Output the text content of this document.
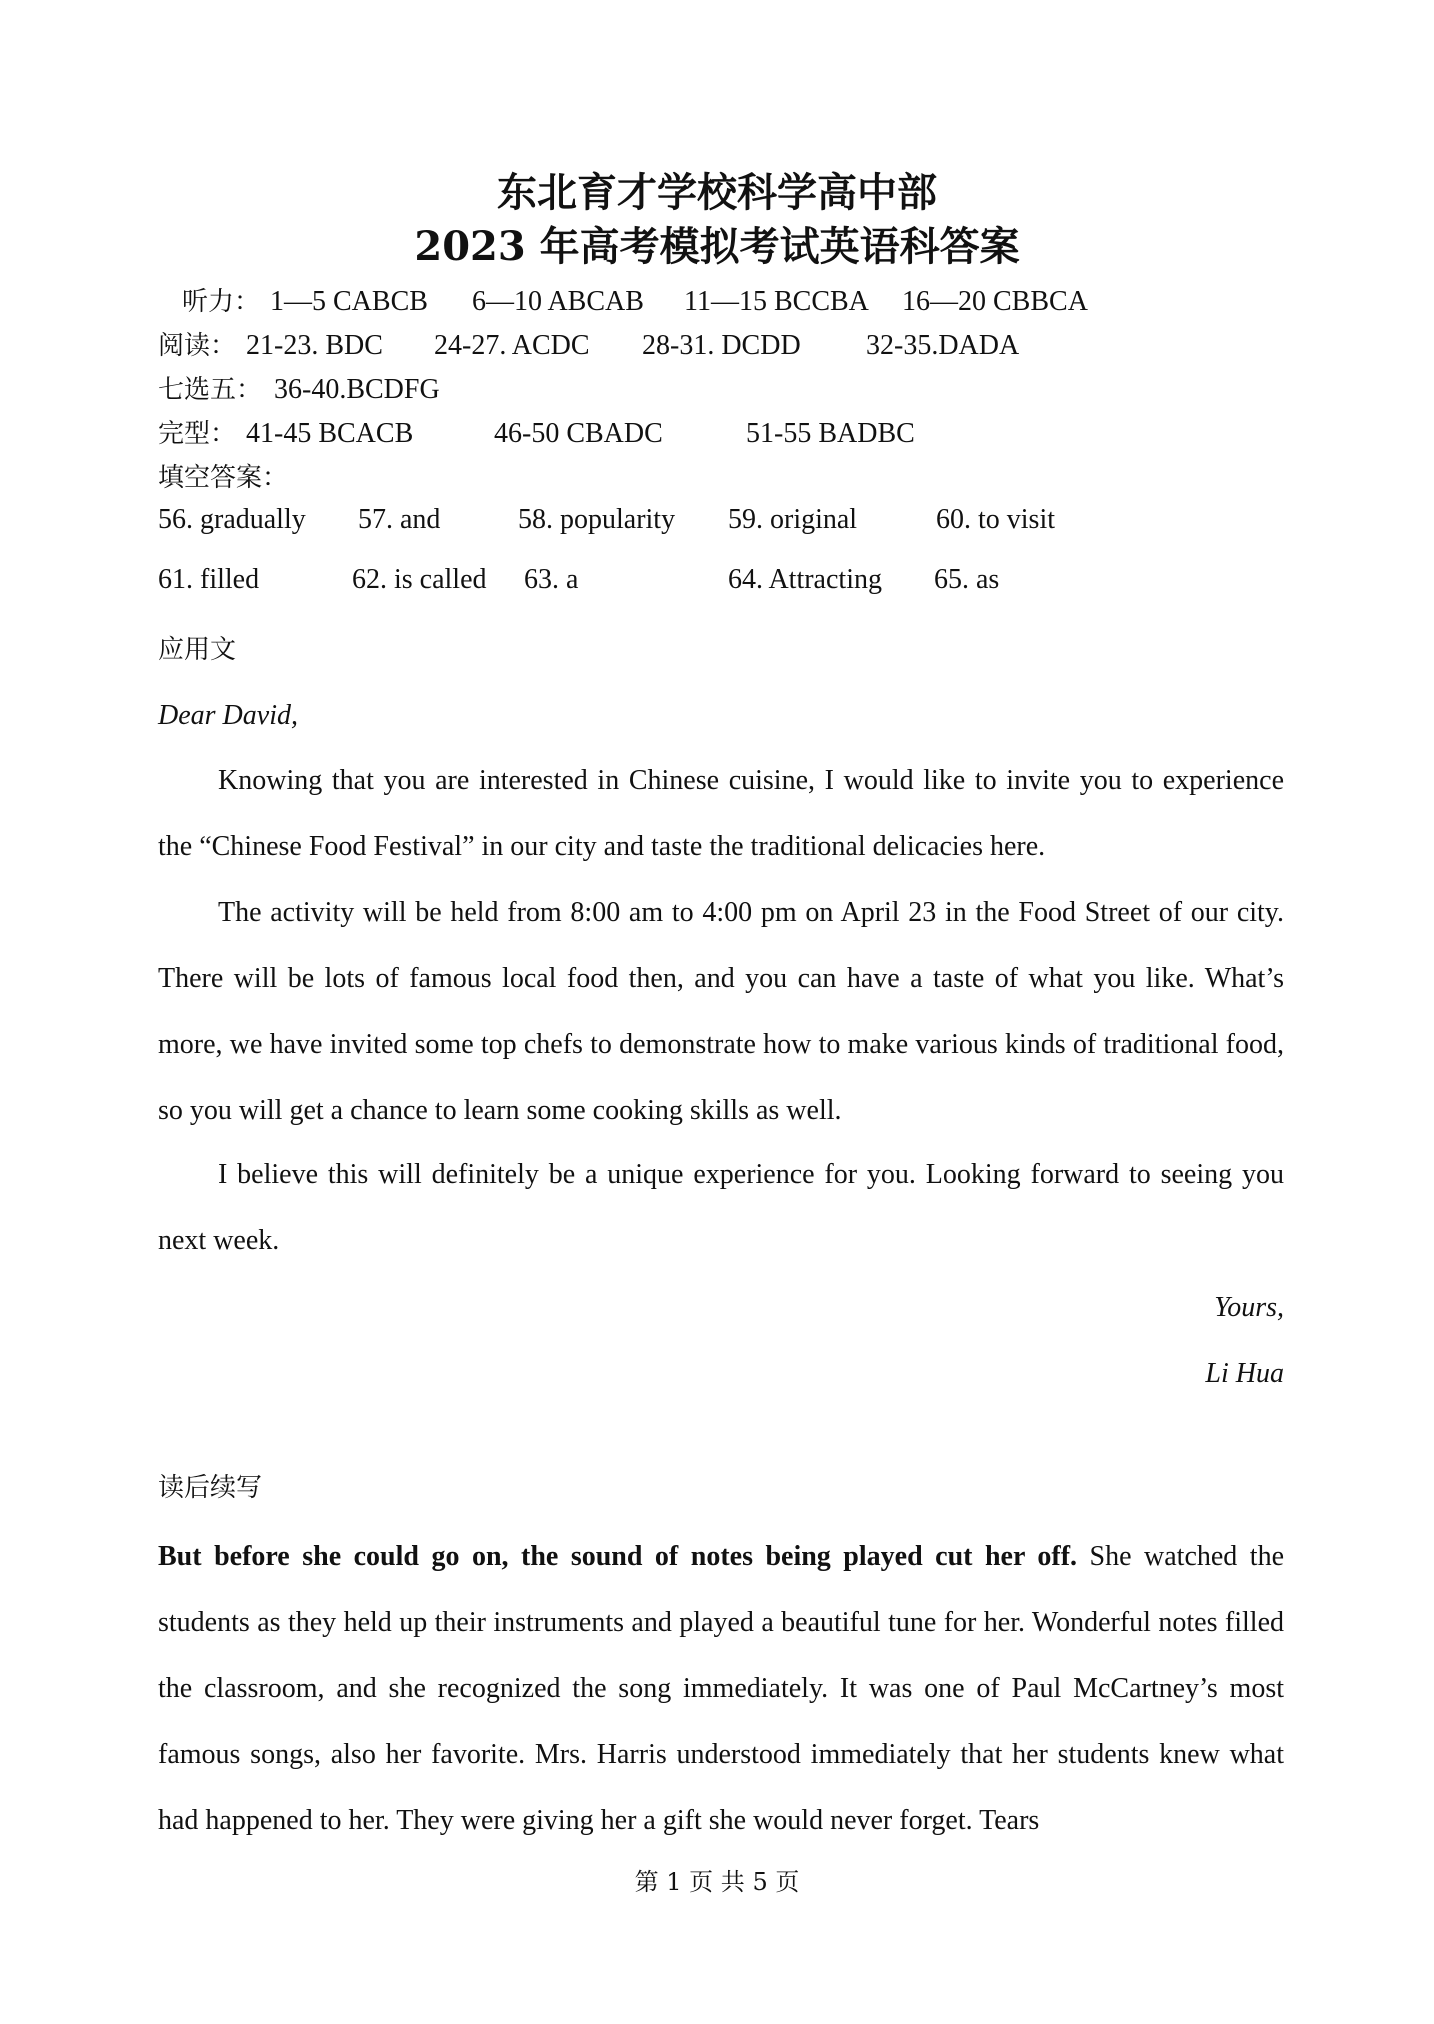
东北育才学校科学高中部
2023 年高考模拟考试英语科答案
听力： 1—5 CABCB 6—10 ABCAB 11—15 BCCBA 16—20 CBBCA
阅读： 21-23. BDC 24-27. ACDC 28-31. DCDD 32-35.DADA
七选五： 36-40.BCDFG
完型： 41-45 BCACB	46-50 CBADC	51-55 BADBC
填空答案：
56. gradually 57. and	58. popularity 59. original	60. to visit
61. filled	62. is called 63. a	64. Attracting 65. as
应用文
Dear David,
Knowing that you are interested in Chinese cuisine, I would like to invite you to experience the “Chinese Food Festival” in our city and taste the traditional delicacies here.
The activity will be held from 8:00 am to 4:00 pm on April 23 in the Food Street of our city. There will be lots of famous local food then, and you can have a taste of what you like. What’s more, we have invited some top chefs to demonstrate how to make various kinds of traditional food, so you will get a chance to learn some cooking skills as well.
I believe this will definitely be a unique experience for you. Looking forward to seeing you next week.
Yours,
Li Hua
读后续写
But before she could go on, the sound of notes being played cut her off. She watched the students as they held up their instruments and played a beautiful tune for her. Wonderful notes filled the classroom, and she recognized the song immediately. It was one of Paul McCartney’s most famous songs, also her favorite. Mrs. Harris understood immediately that her students knew what had happened to her. They were giving her a gift she would never forget. Tears
第 1 页 共 5 页
